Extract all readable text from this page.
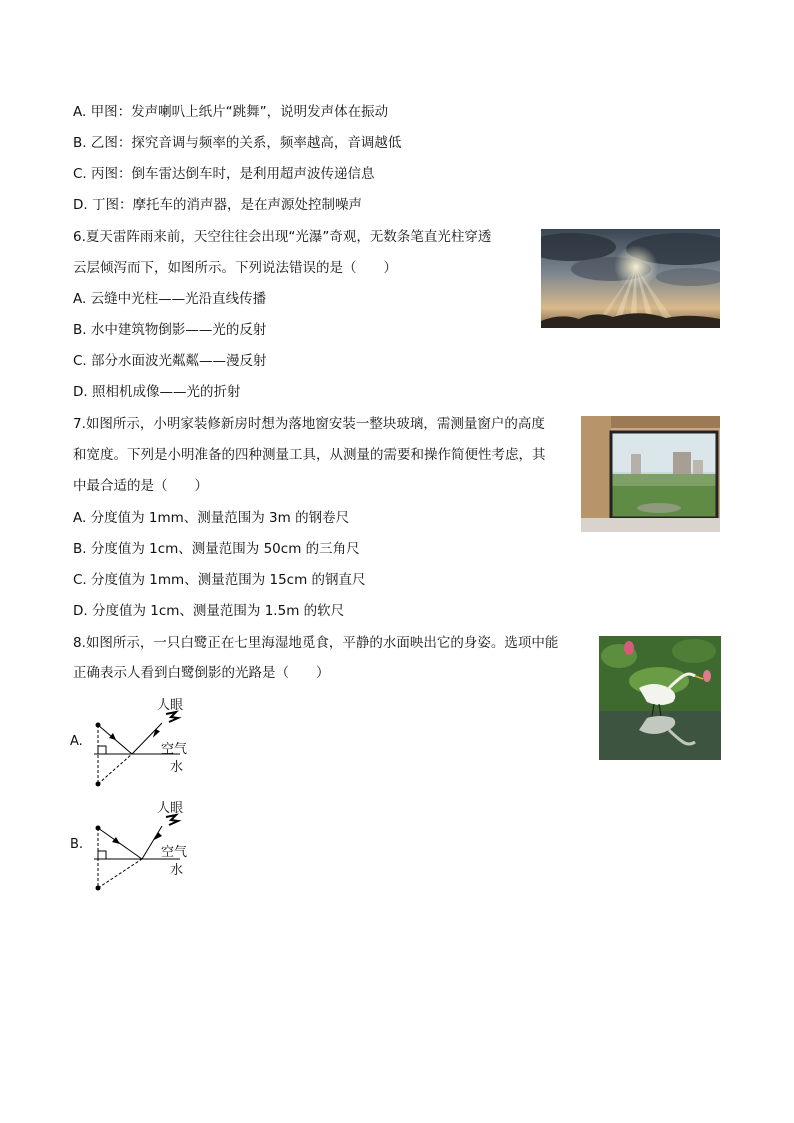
A. 甲图：发声喇叭上纸片“跳舞”，说明发声体在振动
B. 乙图：探究音调与频率的关系，频率越高，音调越低
C. 丙图：倒车雷达倒车时，是利用超声波传递信息
D. 丁图：摩托车的消声器，是在声源处控制噪声
6.夏天雷阵雨来前，天空往往会出现“光瀑”奇观，无数条笔直光柱穿透
云层倾泻而下，如图所示。下列说法错误的是（　　）
A. 云缝中光柱——光沿直线传播
B. 水中建筑物倒影——光的反射
C. 部分水面波光粼粼——漫反射
D. 照相机成像——光的折射
7.如图所示，小明家装修新房时想为落地窗安装一整块玻璃，需测量窗户的高度
和宽度。下列是小明准备的四种测量工具，从测量的需要和操作简便性考虑，其
中最合适的是（　　）
A. 分度值为 1mm、测量范围为 3m 的钢卷尺
B. 分度值为 1cm、测量范围为 50cm 的三角尺
C. 分度值为 1mm、测量范围为 15cm 的钢直尺
D. 分度值为 1cm、测量范围为 1.5m 的软尺
8.如图所示，一只白鹭正在七里海湿地觅食，平静的水面映出它的身姿。选项中能
正确表示人看到白鹭倒影的光路是（　　）
A.
人眼
空气
水
B.
人眼
空气
水
